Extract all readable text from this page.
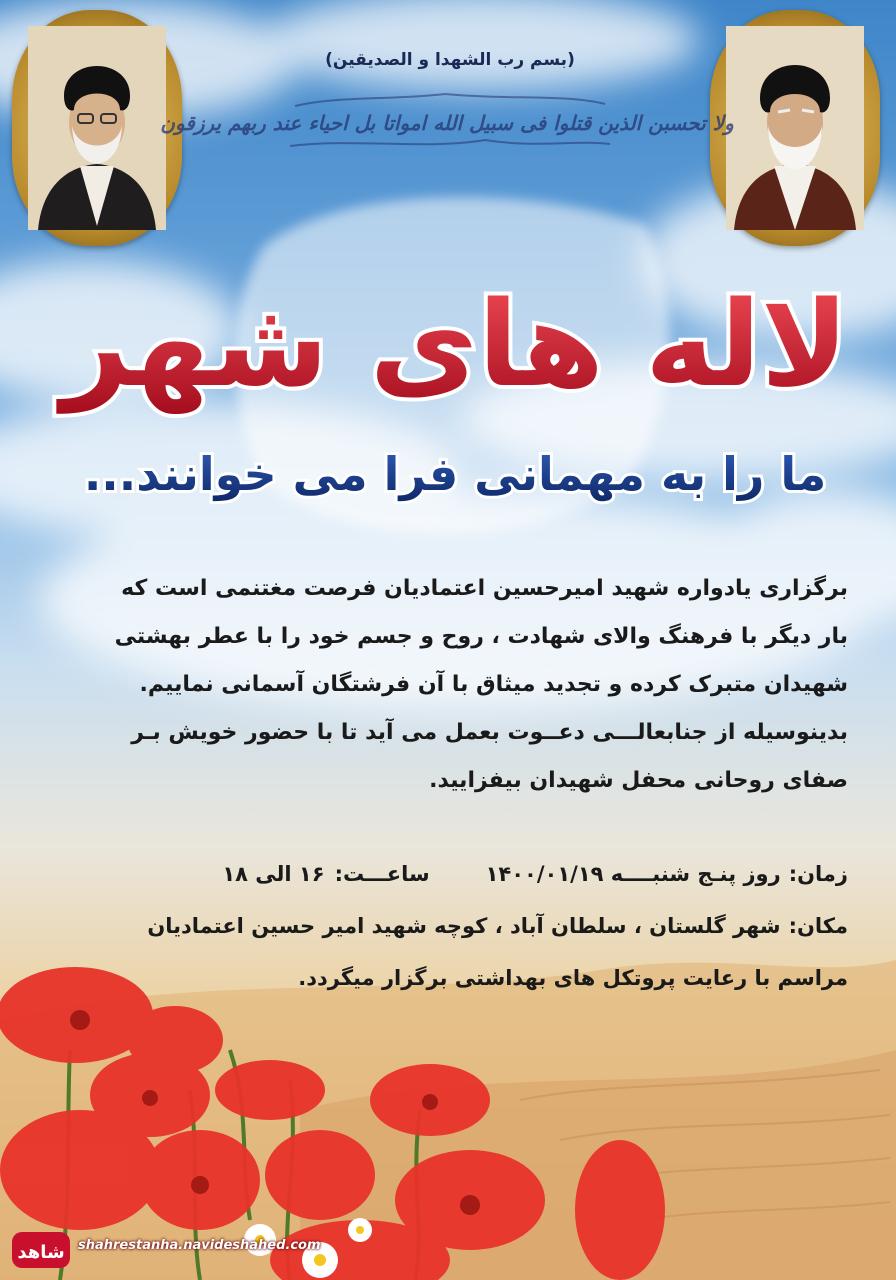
(بسم رب الشهدا و الصدیقین)
ولا تحسبن الذین قتلوا فی سبیل الله امواتا بل احیاء عند ربهم یرزقون
لاله های شهر
ما را به مهمانی فرا می خوانند...

برگزاری یادواره شهید امیرحسین اعتمادیان فرصت مغتنمی است که

بار دیگر با فرهنگ والای شهادت ، روح و جسم خود را با عطر بهشتی

شهیدان متبرک کرده و تجدید میثاق با آن فرشتگان آسمانی نماییم.

بدینوسیله از جنابعالـــی دعــوت بعمل می آید تا با حضور خویش بـر

صفای روحانی محفل شهیدان بیفزایید.

زمان:
روز پنـج شنبــــه ۱۴۰۰/۰۱/۱۹
ساعـــت:
۱۶ الی ۱۸
مکان:
شهر گلستان ، سلطان آباد ، کوچه شهید امیر حسین اعتمادیان
مراسم با رعایت پروتکل های بهداشتی برگزار میگردد.
شاهد shahrestanha.navideshahed.com
